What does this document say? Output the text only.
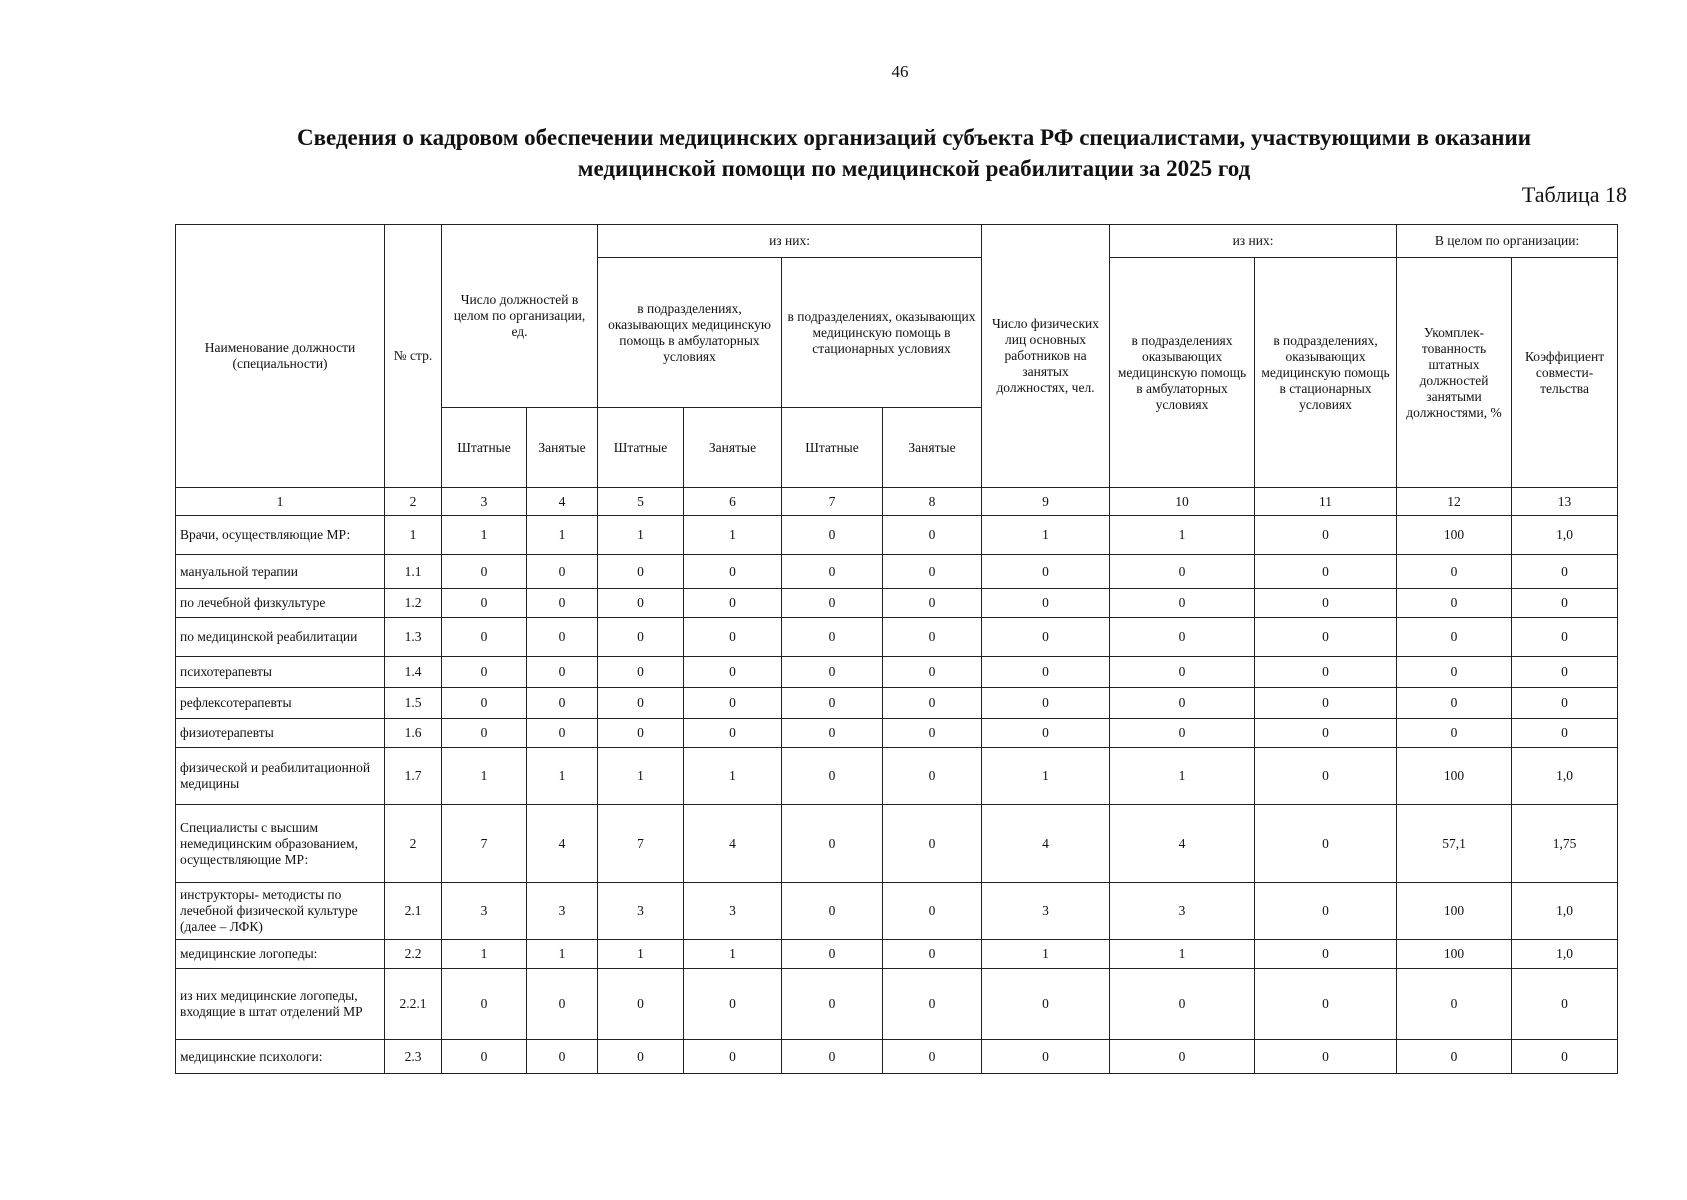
46
Сведения о кадровом обеспечении медицинских организаций субъекта РФ специалистами, участвующими в оказании
медицинской помощи по медицинской реабилитации за 2025 год
Таблица 18
Наименование должности (специальности)	№ стр.	Число должностей в целом по организации, ед.		из них:				Число физических лиц основных работников на занятых должностях, чел.	из них:		В целом по организации:	
				в подразделениях, оказывающих медицинскую помощь в амбулаторных условиях		в подразделениях, оказывающих медицинскую помощь в стационарных условиях			в подразделениях оказывающих медицинскую помощь в амбулаторных условиях	в подразделениях, оказывающих медицинскую помощь в стационарных условиях	Укомплек-тованность штатных должностей занятыми должностями, %	Коэффициент совмести-тельства
		Штатные	Занятые	Штатные	Занятые	Штатные	Занятые					
1	2	3	4	5	6	7	8	9	10	11	12	13
Врачи, осуществляющие МР:	1	1	1	1	1	0	0	1	1	0	100	1,0
мануальной терапии	1.1	0	0	0	0	0	0	0	0	0	0	0
по лечебной физкультуре	1.2	0	0	0	0	0	0	0	0	0	0	0
по медицинской реабилитации	1.3	0	0	0	0	0	0	0	0	0	0	0
психотерапевты	1.4	0	0	0	0	0	0	0	0	0	0	0
рефлексотерапевты	1.5	0	0	0	0	0	0	0	0	0	0	0
физиотерапевты	1.6	0	0	0	0	0	0	0	0	0	0	0
физической и реабилитационной медицины	1.7	1	1	1	1	0	0	1	1	0	100	1,0
Специалисты с высшим немедицинским образованием, осуществляющие МР:	2	7	4	7	4	0	0	4	4	0	57,1	1,75
инструкторы- методисты по лечебной физической культуре (далее – ЛФК)	2.1	3	3	3	3	0	0	3	3	0	100	1,0
медицинские логопеды:	2.2	1	1	1	1	0	0	1	1	0	100	1,0
из них медицинские логопеды, входящие в штат отделений МР	2.2.1	0	0	0	0	0	0	0	0	0	0	0
медицинские психологи:	2.3	0	0	0	0	0	0	0	0	0	0	0
